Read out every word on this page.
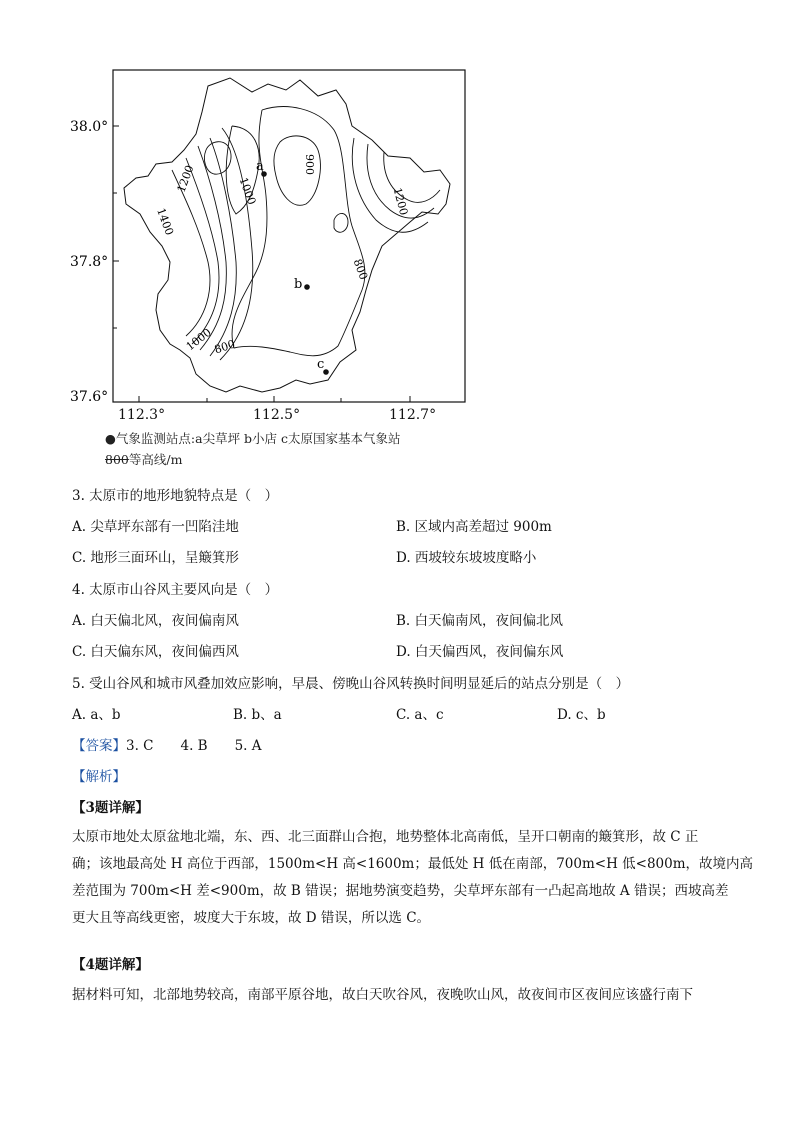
a
b
c
1200
1400
1000
900
800
1000
800
1200
38.0°
37.8°
37.6°
112.3°	112.5°	112.7°
●气象监测站点:a尖草坪 b小店 c太原国家基本气象站
800等高线/m
3. 太原市的地形地貌特点是（　）
A. 尖草坪东部有一凹陷洼地	B. 区域内高差超过 900m
C. 地形三面环山，呈簸箕形	D. 西坡较东坡坡度略小
4. 太原市山谷风主要风向是（　）
A. 白天偏北风，夜间偏南风	B. 白天偏南风，夜间偏北风
C. 白天偏东风，夜间偏西风	D. 白天偏西风，夜间偏东风
5. 受山谷风和城市风叠加效应影响，早晨、傍晚山谷风转换时间明显延后的站点分别是（　）
A. a、b	B. b、a	C. a、c	D. c、b
【答案】3. C　　4. B　　5. A
【解析】
【3题详解】
太原市地处太原盆地北端，东、西、北三面群山合抱，地势整体北高南低，呈开口朝南的簸箕形，故 C 正
确；该地最高处 H 高位于西部，1500m<H 高<1600m；最低处 H 低在南部，700m<H 低<800m，故境内高
差范围为 700m<H 差<900m，故 B 错误；据地势演变趋势，尖草坪东部有一凸起高地故 A 错误；西坡高差
更大且等高线更密，坡度大于东坡，故 D 错误，所以选 C。
【4题详解】
据材料可知，北部地势较高，南部平原谷地，故白天吹谷风，夜晚吹山风，故夜间市区夜间应该盛行南下
